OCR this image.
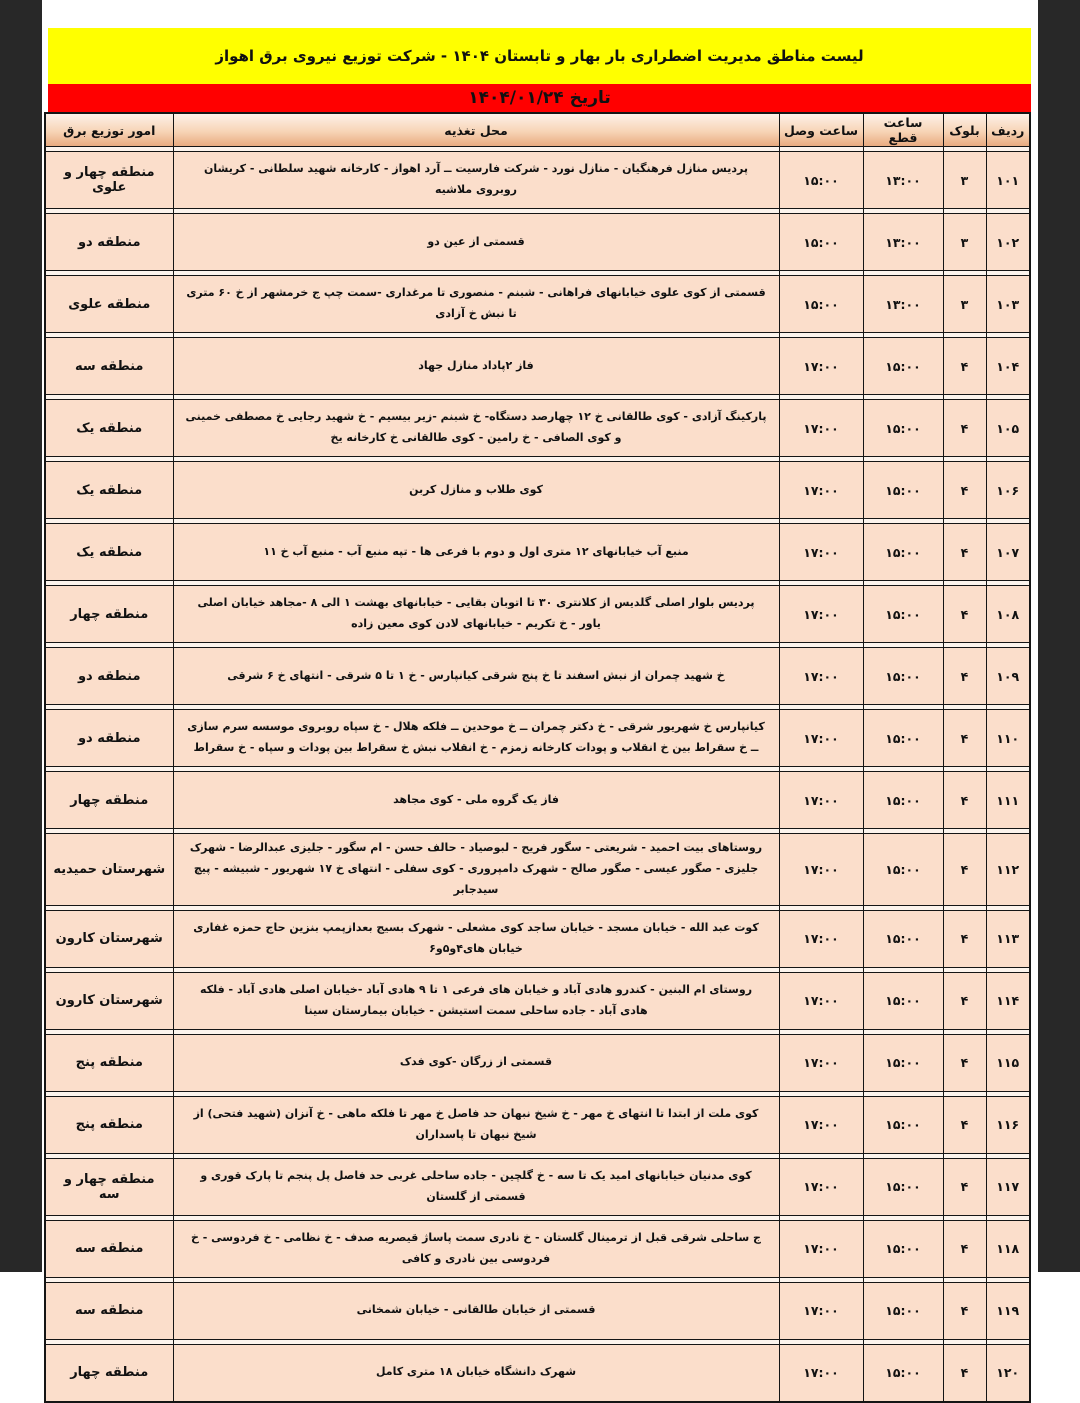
لیست مناطق مدیریت اضطراری بار بهار و تابستان ۱۴۰۴ - شرکت توزیع نیروی برق اهواز
تاریخ ۱۴۰۴/۰۱/۲۴
ردیف	بلوک	ساعت قطع	ساعت وصل	محل تغذیه	امور توزیع برق

۱۰۱	۳	۱۳:۰۰	۱۵:۰۰	پردیس منازل فرهنگیان - منازل نورد - شرکت فارسیت ــ آرد اهواز - کارخانه شهید سلطانی - کریشان روبروی ملاشیه	منطقه چهار و علوی

۱۰۲	۳	۱۳:۰۰	۱۵:۰۰	قسمتی از عین دو	منطقه دو

۱۰۳	۳	۱۳:۰۰	۱۵:۰۰	قسمتی از کوی علوی خیابانهای فراهانی - شبنم - منصوری تا مرغداری -سمت چپ ج خرمشهر از خ ۶۰ متری تا نبش خ آزادی	منطقه علوی

۱۰۴	۴	۱۵:۰۰	۱۷:۰۰	فاز ۲پاداد منازل جهاد	منطقه سه

۱۰۵	۴	۱۵:۰۰	۱۷:۰۰	پارکینگ آزادی - کوی طالقانی خ ۱۲ چهارصد دستگاه- خ شبنم -زیر بیسیم - خ شهید رجایی خ مصطفی خمینی و کوی الصافی - خ رامین - کوی طالقانی خ کارخانه یخ	منطقه یک

۱۰۶	۴	۱۵:۰۰	۱۷:۰۰	کوی طلاب و منازل کربن	منطقه یک

۱۰۷	۴	۱۵:۰۰	۱۷:۰۰	منبع آب خیابانهای ۱۲ متری اول و دوم با فرعی ها - تپه منبع آب - منبع آب خ ۱۱	منطقه یک

۱۰۸	۴	۱۵:۰۰	۱۷:۰۰	پردیس بلوار اصلی گلدیس از کلانتری ۳۰ تا اتوبان بقایی - خیابانهای بهشت ۱ الی ۸ -مجاهد خیابان اصلی یاور - خ تکریم - خیابانهای لادن کوی معین زاده	منطقه چهار

۱۰۹	۴	۱۵:۰۰	۱۷:۰۰	خ شهید چمران از نبش اسفند تا خ پنج شرقی کیانپارس - خ ۱ تا ۵ شرقی - انتهای خ ۶ شرقی	منطقه دو

۱۱۰	۴	۱۵:۰۰	۱۷:۰۰	کیانپارس خ شهریور شرقی - خ دکتر چمران ــ خ موحدین ــ فلکه هلال - خ سپاه روبروی موسسه سرم سازی ــ خ سقراط بین خ انقلاب و پودات کارخانه زمزم - خ انقلاب نبش خ سقراط بین پودات و سپاه - خ سقراط	منطقه دو

۱۱۱	۴	۱۵:۰۰	۱۷:۰۰	فاز یک گروه ملی - کوی مجاهد	منطقه چهار

۱۱۲	۴	۱۵:۰۰	۱۷:۰۰	روستاهای بیت احمید - شریعتی - سگور فریح - لبوصیاد - حالف حسن - ام سگور - جلیزی عبدالرضا - شهرک جلیزی - صگور عیسی - صگور صالح - شهرک دامپروری - کوی سفلی - انتهای خ ۱۷ شهریور - شبیشه - پیچ سیدجابر	شهرستان حمیدیه

۱۱۳	۴	۱۵:۰۰	۱۷:۰۰	کوت عبد الله - خیابان مسجد - خیابان ساجد کوی مشعلی - شهرک بسیج بعدازپمپ بنزین حاج حمزه غفاری خیابان های۴و۵و۶	شهرستان کارون

۱۱۴	۴	۱۵:۰۰	۱۷:۰۰	روستای ام البنین - کندرو هادی آباد و خیابان های فرعی ۱ تا ۹ هادی آباد -خیابان اصلی هادی آباد - فلکه هادی آباد - جاده ساحلی سمت استیشن - خیابان بیمارستان سینا	شهرستان کارون

۱۱۵	۴	۱۵:۰۰	۱۷:۰۰	قسمتی از زرگان -کوی فدک	منطقه پنج

۱۱۶	۴	۱۵:۰۰	۱۷:۰۰	کوی ملت از ابتدا تا انتهای خ مهر - خ شیخ نبهان حد فاصل خ مهر تا فلکه ماهی - خ آنزان (شهید فتحی) از شیخ نبهان تا پاسداران	منطقه پنج

۱۱۷	۴	۱۵:۰۰	۱۷:۰۰	کوی مدنیان خیابانهای امید یک تا سه - خ گلچین - جاده ساحلی غربی حد فاصل پل پنجم تا پارک قوری و قسمتی از گلستان	منطقه چهار و سه

۱۱۸	۴	۱۵:۰۰	۱۷:۰۰	ج ساحلی شرقی قبل از ترمینال گلستان - خ نادری سمت پاساژ قیصریه صدف - خ نظامی - خ فردوسی - خ فردوسی بین نادری و کافی	منطقه سه

۱۱۹	۴	۱۵:۰۰	۱۷:۰۰	قسمتی از خیابان طالقانی - خیابان شمخانی	منطقه سه

۱۲۰	۴	۱۵:۰۰	۱۷:۰۰	شهرک دانشگاه خیابان ۱۸ متری کامل	منطقه چهار
